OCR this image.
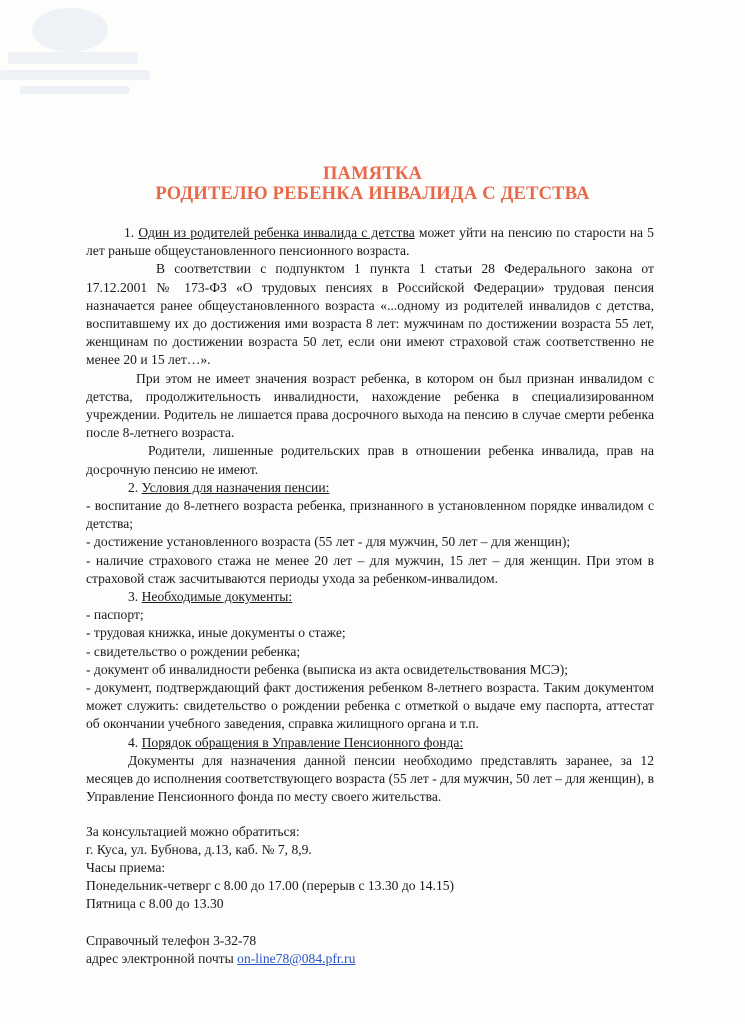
ПАМЯТКА
РОДИТЕЛЮ РЕБЕНКА ИНВАЛИДА С ДЕТСТВА

1. Один из родителей ребенка инвалида с детства может уйти на пенсию по старости на 5 лет раньше общеустановленного пенсионного возраста.

В соответствии с подпунктом 1 пункта 1 статьи 28 Федерального закона от 17.12.2001 № 173-ФЗ «О трудовых пенсиях в Российской Федерации» трудовая пенсия назначается ранее общеустановленного возраста «...одному из родителей инвалидов с детства, воспитавшему их до достижения ими возраста 8 лет: мужчинам по достижении возраста 55 лет, женщинам по достижении возраста 50 лет, если они имеют страховой стаж соответственно не менее 20 и 15 лет…».

При этом не имеет значения возраст ребенка, в котором он был признан инвалидом с детства, продолжительность инвалидности, нахождение ребенка в специализированном учреждении. Родитель не лишается права досрочного выхода на пенсию в случае смерти ребенка после 8-летнего возраста.

Родители, лишенные родительских прав в отношении ребенка инвалида, прав на досрочную пенсию не имеют.

2. Условия для назначения пенсии:

- воспитание до 8-летнего возраста ребенка, признанного в установленном порядке инвалидом с детства;

- достижение установленного возраста (55 лет - для мужчин, 50 лет – для женщин);

- наличие страхового стажа не менее 20 лет – для мужчин, 15 лет – для женщин. При этом в страховой стаж засчитываются периоды ухода за ребенком-инвалидом.

3. Необходимые документы:

- паспорт;

- трудовая книжка, иные документы о стаже;

- свидетельство о рождении ребенка;

- документ об инвалидности ребенка (выписка из акта освидетельствования МСЭ);

- документ, подтверждающий факт достижения ребенком 8-летнего возраста. Таким документом может служить: свидетельство о рождении ребенка с отметкой о выдаче ему паспорта, аттестат об окончании учебного заведения, справка жилищного органа и т.п.

4. Порядок обращения в Управление Пенсионного фонда:

Документы для назначения данной пенсии необходимо представлять заранее, за 12 месяцев до исполнения соответствующего возраста (55 лет - для мужчин, 50 лет – для женщин), в Управление Пенсионного фонда по месту своего жительства.

За консультацией можно обратиться:

г. Куса, ул. Бубнова, д.13, каб. № 7, 8,9.

Часы приема:

Понедельник-четверг с 8.00 до 17.00 (перерыв с 13.30 до 14.15)

Пятница с 8.00 до 13.30

Справочный телефон 3-32-78

адрес электронной почты on-line78@084.pfr.ru
